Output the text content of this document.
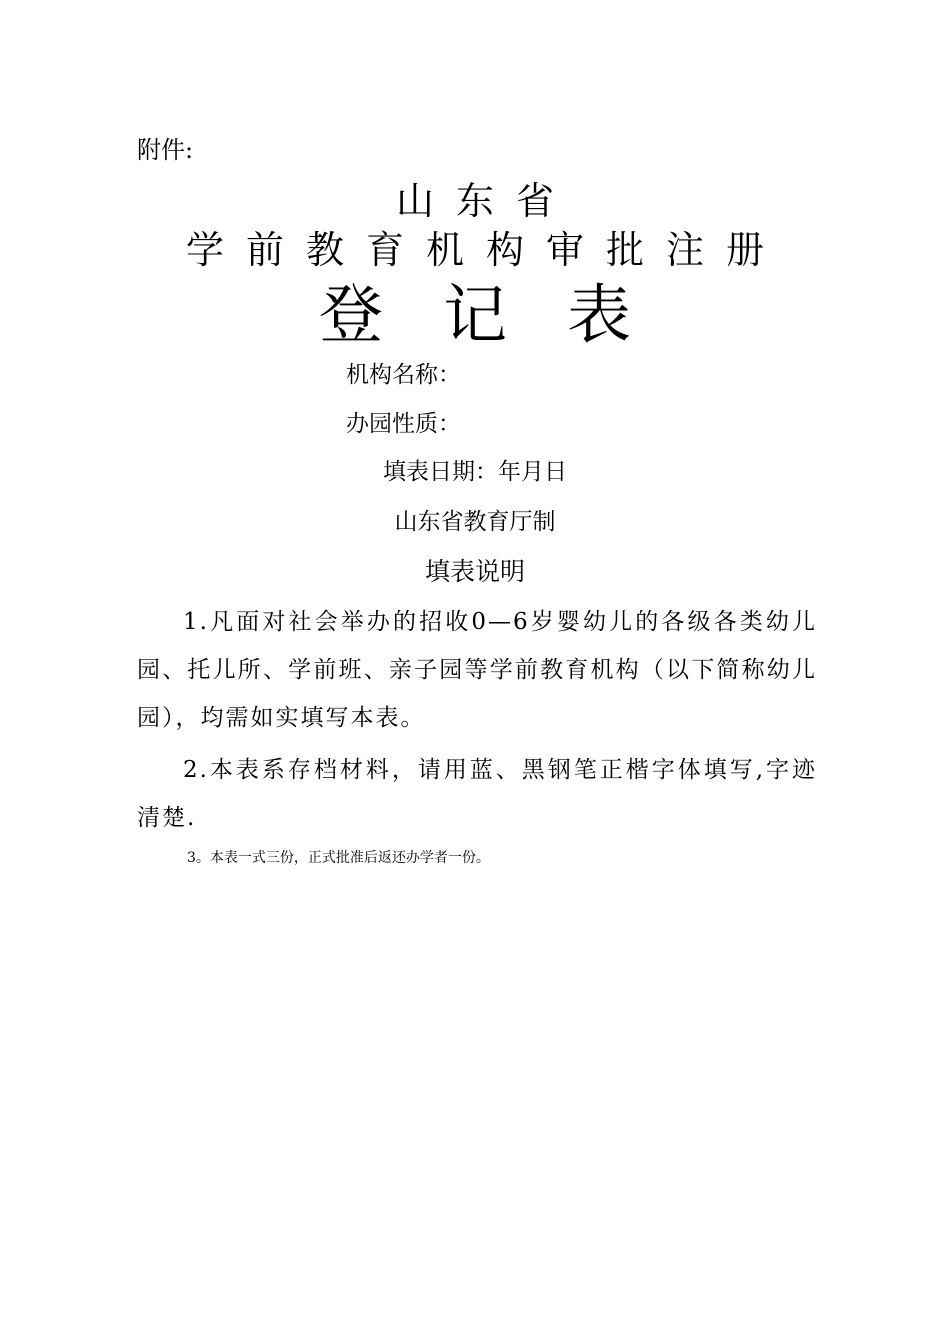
附件:
山东省
学前教育机构审批注册
登记表
机构名称：
办园性质：
填表日期：年月日
山东省教育厅制
填表说明
1.凡面对社会举办的招收0—6岁婴幼儿的各级各类幼儿园、托儿所、学前班、亲子园等学前教育机构（以下简称幼儿园），均需如实填写本表。
2.本表系存档材料，请用蓝、黑钢笔正楷字体填写,字迹清楚.
3。本表一式三份，正式批准后返还办学者一份。
